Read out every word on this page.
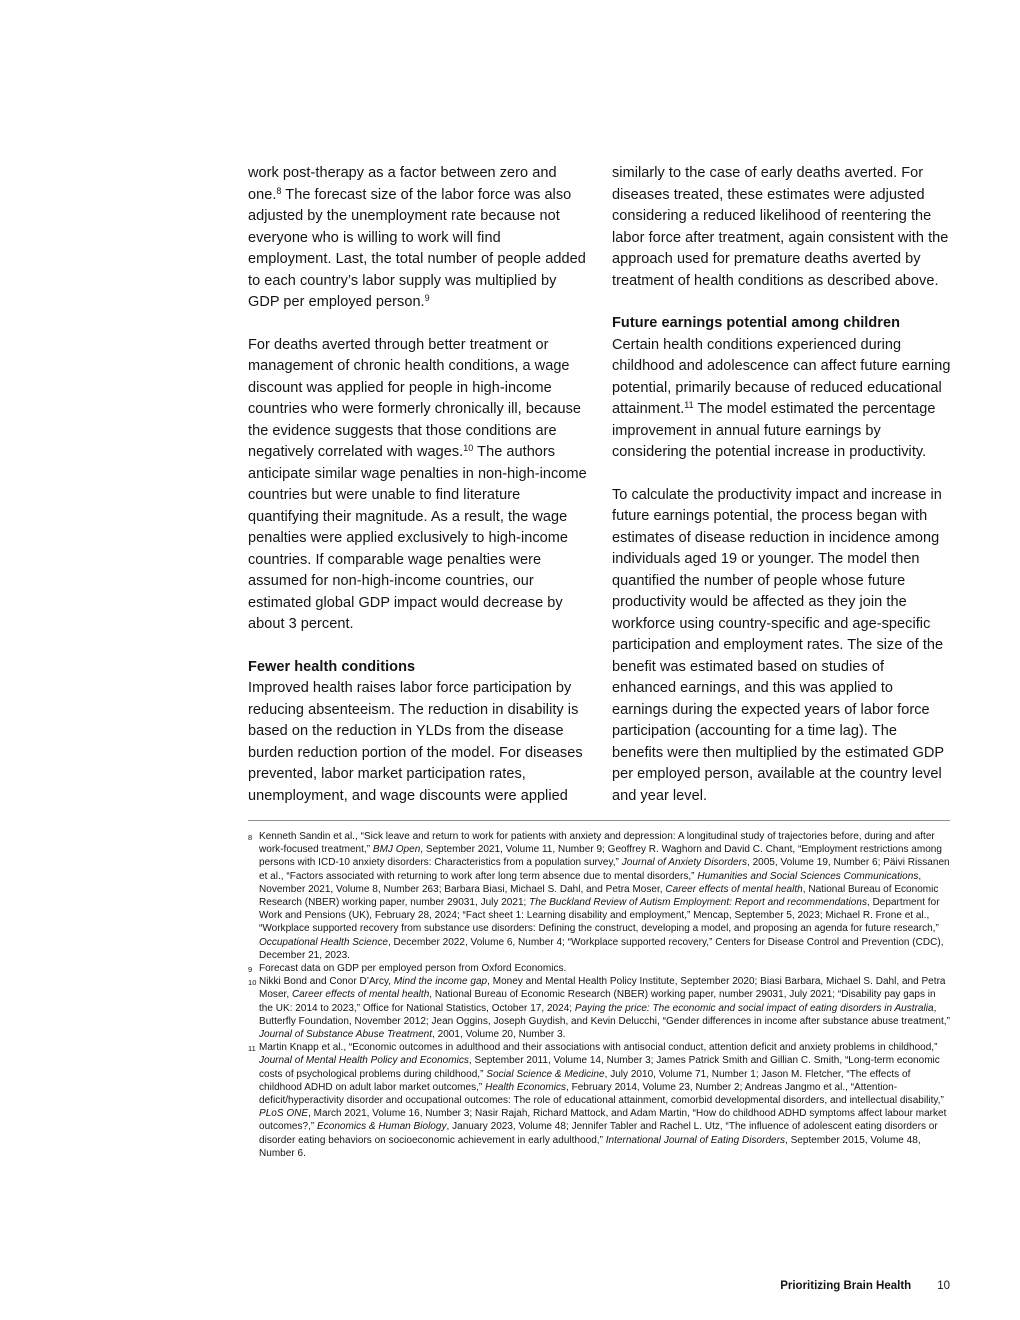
work post-therapy as a factor between zero and one.$^8$ The forecast size of the labor force was also adjusted by the unemployment rate because not everyone who is willing to work will find employment. Last, the total number of people added to each country’s labor supply was multiplied by GDP per employed person.$^9$

For deaths averted through better treatment or management of chronic health conditions, a wage discount was applied for people in high-income countries who were formerly chronically ill, because the evidence suggests that those conditions are negatively correlated with wages.$^{10}$ The authors anticipate similar wage penalties in non-high-income countries but were unable to find literature quantifying their magnitude. As a result, the wage penalties were applied exclusively to high-income countries. If comparable wage penalties were assumed for non-high-income countries, our estimated global GDP impact would decrease by about 3 percent.

Fewer health conditions

Improved health raises labor force participation by reducing absenteeism. The reduction in disability is based on the reduction in YLDs from the disease burden reduction portion of the model. For diseases prevented, labor market participation rates, unemployment, and wage discounts were applied

similarly to the case of early deaths averted. For diseases treated, these estimates were adjusted considering a reduced likelihood of reentering the labor force after treatment, again consistent with the approach used for premature deaths averted by treatment of health conditions as described above.

Future earnings potential among children

Certain health conditions experienced during childhood and adolescence can affect future earning potential, primarily because of reduced educational attainment.$^{11}$ The model estimated the percentage improvement in annual future earnings by considering the potential increase in productivity.

To calculate the productivity impact and increase in future earnings potential, the process began with estimates of disease reduction in incidence among individuals aged 19 or younger. The model then quantified the number of people whose future productivity would be affected as they join the workforce using country-specific and age-specific participation and employment rates. The size of the benefit was estimated based on studies of enhanced earnings, and this was applied to earnings during the expected years of labor force participation (accounting for a time lag). The benefits were then multiplied by the estimated GDP per employed person, available at the country level and year level.

8 Kenneth Sandin et al., “Sick leave and return to work for patients with anxiety and depression: A longitudinal study of trajectories before, during and after work-focused treatment,” BMJ Open, September 2021, Volume 11, Number 9; Geoffrey R. Waghorn and David C. Chant, “Employment restrictions among persons with ICD-10 anxiety disorders: Characteristics from a population survey,” Journal of Anxiety Disorders, 2005, Volume 19, Number 6; Päivi Rissanen et al., “Factors associated with returning to work after long term absence due to mental disorders,” Humanities and Social Sciences Communications, November 2021, Volume 8, Number 263; Barbara Biasi, Michael S. Dahl, and Petra Moser, Career effects of mental health, National Bureau of Economic Research (NBER) working paper, number 29031, July 2021; The Buckland Review of Autism Employment: Report and recommendations, Department for Work and Pensions (UK), February 28, 2024; “Fact sheet 1: Learning disability and employment,” Mencap, September 5, 2023; Michael R. Frone et al., “Workplace supported recovery from substance use disorders: Defining the construct, developing a model, and proposing an agenda for future research,” Occupational Health Science, December 2022, Volume 6, Number 4; “Workplace supported recovery,” Centers for Disease Control and Prevention (CDC), December 21, 2023.
9 Forecast data on GDP per employed person from Oxford Economics.
10 Nikki Bond and Conor D’Arcy, Mind the income gap, Money and Mental Health Policy Institute, September 2020; Biasi Barbara, Michael S. Dahl, and Petra Moser, Career effects of mental health, National Bureau of Economic Research (NBER) working paper, number 29031, July 2021; “Disability pay gaps in the UK: 2014 to 2023,” Office for National Statistics, October 17, 2024; Paying the price: The economic and social impact of eating disorders in Australia, Butterfly Foundation, November 2012; Jean Oggins, Joseph Guydish, and Kevin Delucchi, “Gender differences in income after substance abuse treatment,” Journal of Substance Abuse Treatment, 2001, Volume 20, Number 3.
11 Martin Knapp et al., “Economic outcomes in adulthood and their associations with antisocial conduct, attention deficit and anxiety problems in childhood,” Journal of Mental Health Policy and Economics, September 2011, Volume 14, Number 3; James Patrick Smith and Gillian C. Smith, “Long-term economic costs of psychological problems during childhood,” Social Science & Medicine, July 2010, Volume 71, Number 1; Jason M. Fletcher, “The effects of childhood ADHD on adult labor market outcomes,” Health Economics, February 2014, Volume 23, Number 2; Andreas Jangmo et al., “Attention-deficit/hyperactivity disorder and occupational outcomes: The role of educational attainment, comorbid developmental disorders, and intellectual disability,” PLoS ONE, March 2021, Volume 16, Number 3; Nasir Rajah, Richard Mattock, and Adam Martin, “How do childhood ADHD symptoms affect labour market outcomes?,” Economics & Human Biology, January 2023, Volume 48; Jennifer Tabler and Rachel L. Utz, “The influence of adolescent eating disorders or disorder eating behaviors on socioeconomic achievement in early adulthood,” International Journal of Eating Disorders, September 2015, Volume 48, Number 6.
Prioritizing Brain Health 10
